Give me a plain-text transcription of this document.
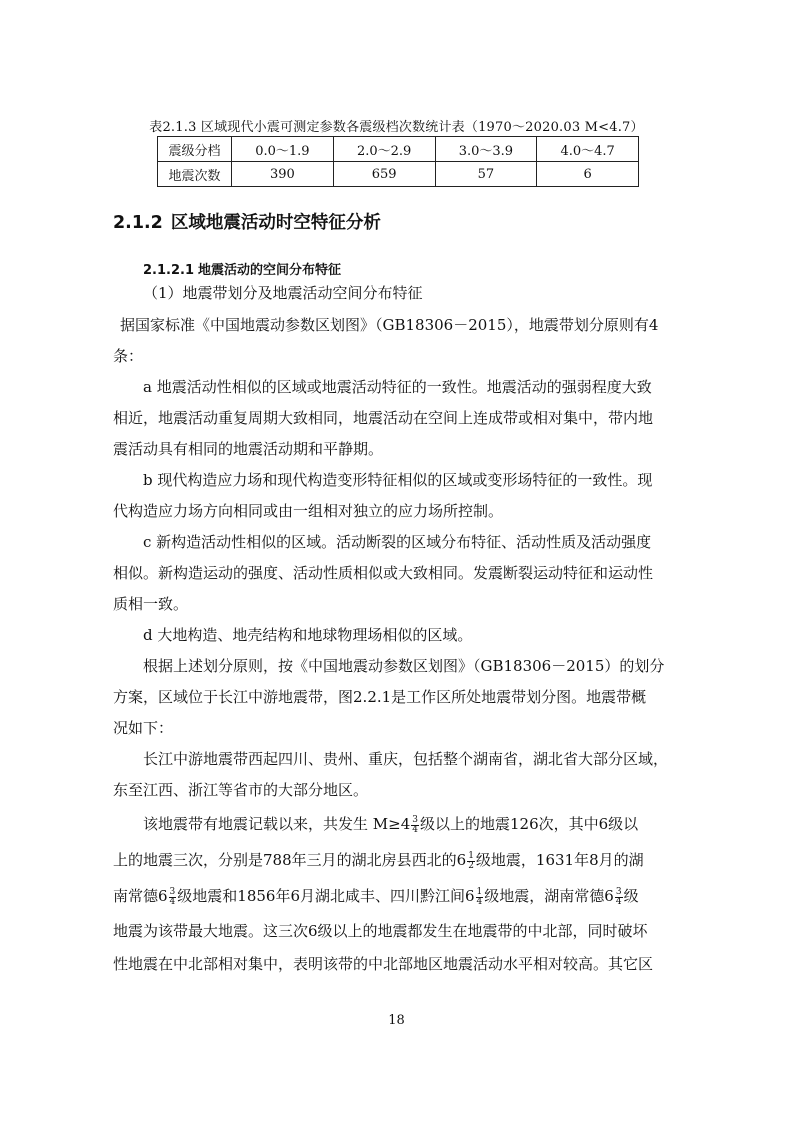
表2.1.3 区域现代小震可测定参数各震级档次数统计表（1970～2020.03 M<4.7）
震级分档	0.0～1.9	2.0～2.9	3.0～3.9	4.0～4.7
地震次数	390	659	57	6
2.1.2 区域地震活动时空特征分析
2.1.2.1 地震活动的空间分布特征
（1）地震带划分及地震活动空间分布特征
据国家标准《中国地震动参数区划图》（GB18306－2015），地震带划分原则有4
条：
a 地震活动性相似的区域或地震活动特征的一致性。地震活动的强弱程度大致
相近，地震活动重复周期大致相同，地震活动在空间上连成带或相对集中，带内地
震活动具有相同的地震活动期和平静期。
b 现代构造应力场和现代构造变形特征相似的区域或变形场特征的一致性。现
代构造应力场方向相同或由一组相对独立的应力场所控制。
c 新构造活动性相似的区域。活动断裂的区域分布特征、活动性质及活动强度
相似。新构造运动的强度、活动性质相似或大致相同。发震断裂运动特征和运动性
质相一致。
d 大地构造、地壳结构和地球物理场相似的区域。
根据上述划分原则，按《中国地震动参数区划图》（GB18306－2015）的划分
方案，区域位于长江中游地震带，图2.2.1是工作区所处地震带划分图。地震带概
况如下：
长江中游地震带西起四川、贵州、重庆，包括整个湖南省，湖北省大部分区域，
东至江西、浙江等省市的大部分地区。
该地震带有地震记载以来，共发生 $M\ge 4 \frac{3}{4}$ 级以上的地震126次，其中6级以
上的地震三次，分别是788年三月的湖北房县西北的$6 \frac{1}{2}$ 级地震，1631年8月的湖
南常德$6 \frac{3}{4}$ 级地震和1856年6月湖北咸丰、四川黔江间$6 \frac{1}{4}$ 级地震，湖南常德$6 \frac{3}{4}$ 级
地震为该带最大地震。这三次6级以上的地震都发生在地震带的中北部，同时破坏
性地震在中北部相对集中，表明该带的中北部地区地震活动水平相对较高。其它区
18
